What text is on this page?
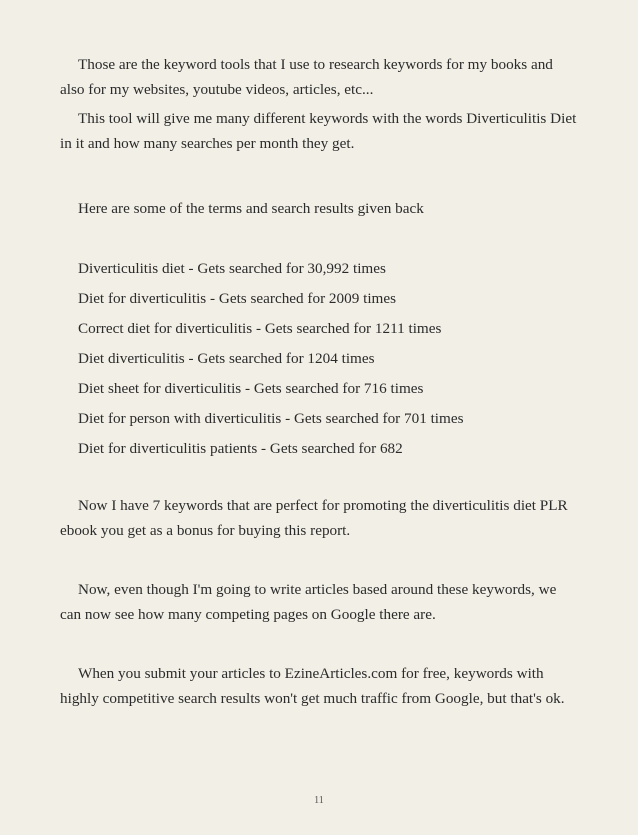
Those are the keyword tools that I use to research keywords for my books and also for my websites, youtube videos, articles, etc...

This tool will give me many different keywords with the words Diverticulitis Diet in it and how many searches per month they get.

Here are some of the terms and search results given back

Diverticulitis diet - Gets searched for 30,992 times
Diet for diverticulitis - Gets searched for 2009 times
Correct diet for diverticulitis - Gets searched for 1211 times
Diet diverticulitis - Gets searched for 1204 times
Diet sheet for diverticulitis - Gets searched for 716 times
Diet for person with diverticulitis - Gets searched for 701 times
Diet for diverticulitis patients - Gets searched for 682

Now I have 7 keywords that are perfect for promoting the diverticulitis diet PLR ebook you get as a bonus for buying this report.

Now, even though I'm going to write articles based around these keywords, we can now see how many competing pages on Google there are.

When you submit your articles to EzineArticles.com for free, keywords with highly competitive search results won't get much traffic from Google, but that's ok.

11
